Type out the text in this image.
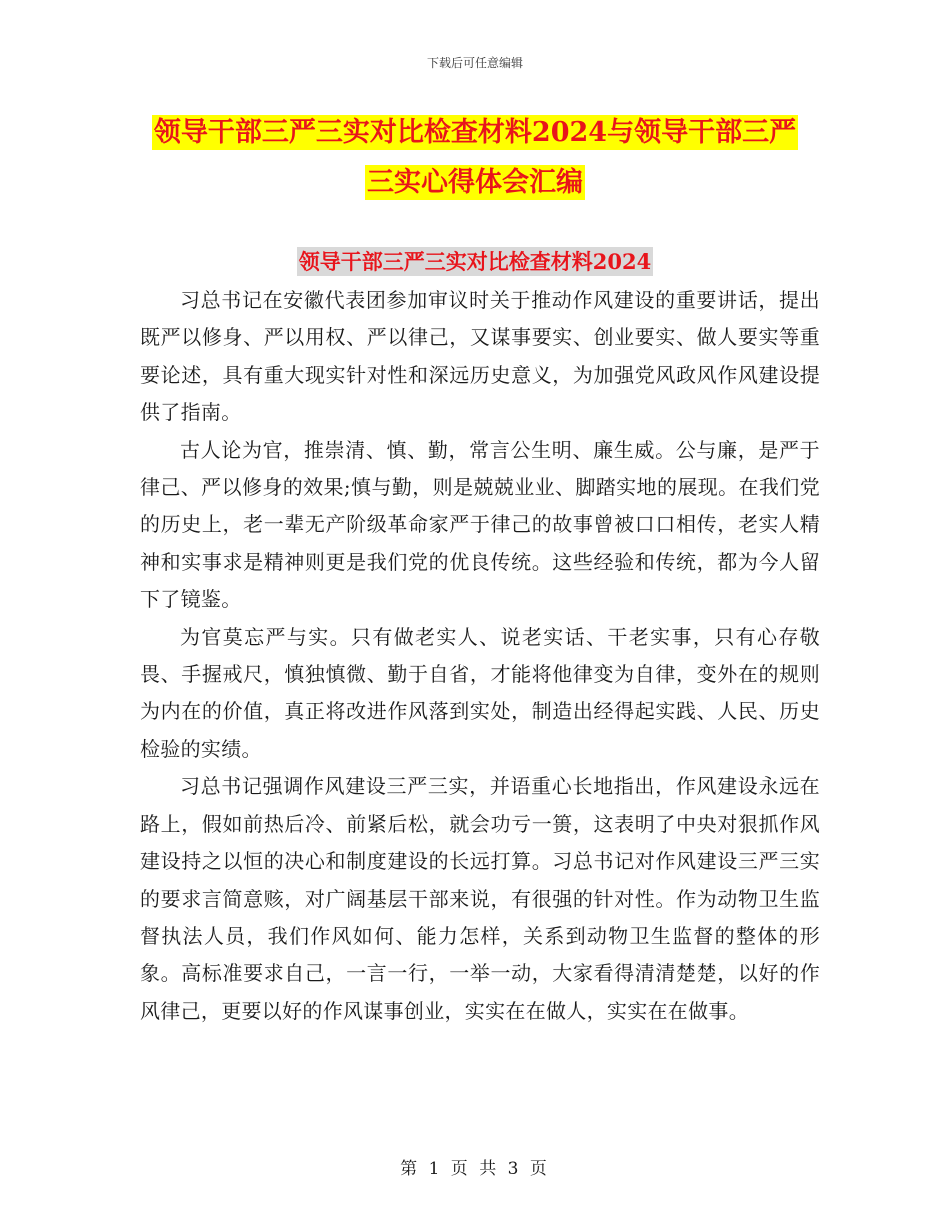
下载后可任意编辑
领导干部三严三实对比检查材料2024与领导干部三严
三实心得体会汇编
领导干部三严三实对比检查材料2024

习总书记在安徽代表团参加审议时关于推动作风建设的重要讲话，提出既严以修身、严以用权、严以律己，又谋事要实、创业要实、做人要实等重要论述，具有重大现实针对性和深远历史意义，为加强党风政风作风建设提供了指南。

古人论为官，推崇清、慎、勤，常言公生明、廉生威。公与廉，是严于律己、严以修身的效果;慎与勤，则是兢兢业业、脚踏实地的展现。在我们党的历史上，老一辈无产阶级革命家严于律己的故事曾被口口相传，老实人精神和实事求是精神则更是我们党的优良传统。这些经验和传统，都为今人留下了镜鉴。

为官莫忘严与实。只有做老实人、说老实话、干老实事，只有心存敬畏、手握戒尺，慎独慎微、勤于自省，才能将他律变为自律，变外在的规则为内在的价值，真正将改进作风落到实处，制造出经得起实践、人民、历史检验的实绩。

习总书记强调作风建设三严三实，并语重心长地指出，作风建设永远在路上，假如前热后冷、前紧后松，就会功亏一篑，这表明了中央对狠抓作风建设持之以恒的决心和制度建设的长远打算。习总书记对作风建设三严三实的要求言简意赅，对广阔基层干部来说，有很强的针对性。作为动物卫生监督执法人员，我们作风如何、能力怎样，关系到动物卫生监督的整体的形象。高标准要求自己，一言一行，一举一动，大家看得清清楚楚，以好的作风律己，更要以好的作风谋事创业，实实在在做人，实实在在做事。

第 1 页 共 3 页
